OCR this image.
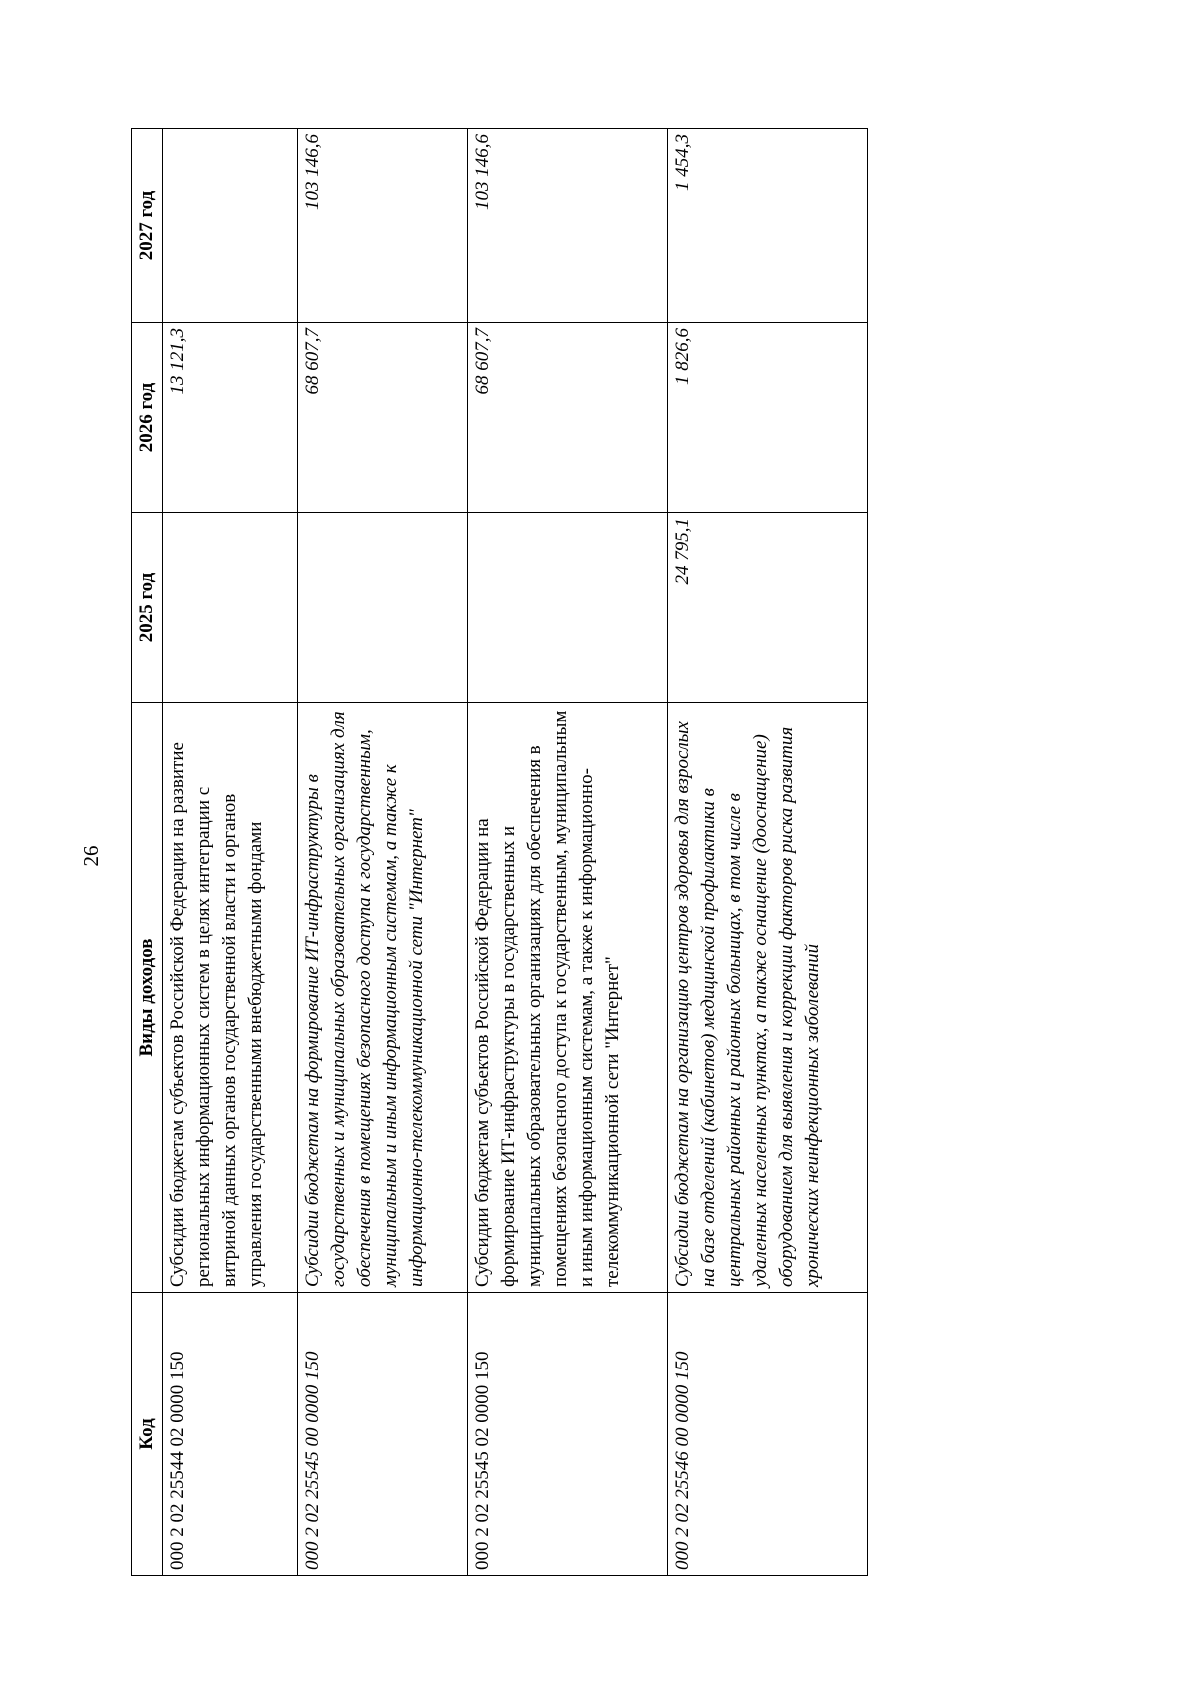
26
Код	Виды доходов	2025 год	2026 год	2027 год
000 2 02 25544 02 0000 150	Субсидии бюджетам субъектов Российской Федерации на развитие региональных информационных систем в целях интеграции с витриной данных органов государственной власти и органов управления государственными внебюджетными фондами		13 121,3	
000 2 02 25545 00 0000 150	Субсидии бюджетам на формирование ИТ-инфраструктуры в государственных и муниципальных образовательных организациях для обеспечения в помещениях безопасного доступа к государственным, муниципальным и иным информационным системам, а также к информационно-телекоммуникационной сети "Интернет"		68 607,7	103 146,6
000 2 02 25545 02 0000 150	Субсидии бюджетам субъектов Российской Федерации на формирование ИТ-инфраструктуры в государственных и муниципальных образовательных организациях для обеспечения в помещениях безопасного доступа к государственным, муниципальным и иным информационным системам, а также к информационно-телекоммуникационной сети "Интернет"		68 607,7	103 146,6
000 2 02 25546 00 0000 150	Субсидии бюджетам на организацию центров здоровья для взрослых на базе отделений (кабинетов) медицинской профилактики в центральных районных и районных больницах, в том числе в удаленных населенных пунктах, а также оснащение (дооснащение) оборудованием для выявления и коррекции факторов риска развития хронических неинфекционных заболеваний	24 795,1	1 826,6	1 454,3
